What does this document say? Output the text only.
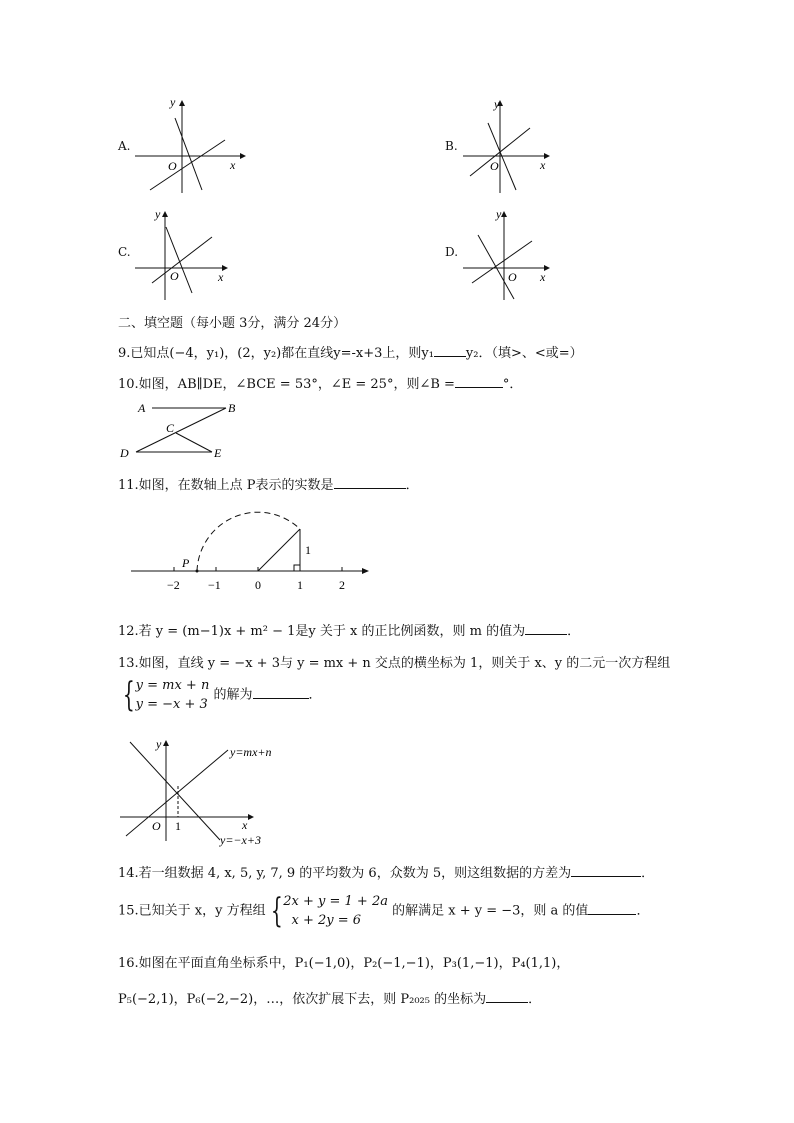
A.
y
O	x
B.
y
O	x
C.
y
O	x
D.
y
O x
二、填空题（每小题 3分，满分 24分）
9.已知点(−4，y₁)，(2，y₂)都在直线y=-x+3上，则y₁ y₂．（填>、<或=）
10.如图，AB∥DE，∠BCE = 53°，∠E = 25°，则∠B =	°．
A	B
C
D	E
11.如图，在数轴上点 P表示的实数是	．
P
1
−2 −1	0	1	2
12.若 y = (m−1)x + m² − 1是y 关于 x 的正比例函数，则 m 的值为	．
13.如图，直线 y = −x + 3与 y = mx + n 交点的横坐标为 1，则关于 x、y 的二元一次方程组
{y = mx + n
y = −x + 3 的解为	．
y
O 1	x
y=mx+n
y=−x+3
14.若一组数据 4, x, 5, y, 7, 9 的平均数为 6，众数为 5，则这组数据的方差为	．
15.已知关于 x，y 方程组 {2x + y = 1 + 2a
x + 2y = 6 的解满足 x + y = −3，则 a 的值	．
16.如图在平面直角坐标系中，P₁(−1,0)，P₂(−1,−1)，P₃(1,−1)，P₄(1,1)，
P₅(−2,1)，P₆(−2,−2)，…，依次扩展下去，则 P₂₀₂₅ 的坐标为	．
